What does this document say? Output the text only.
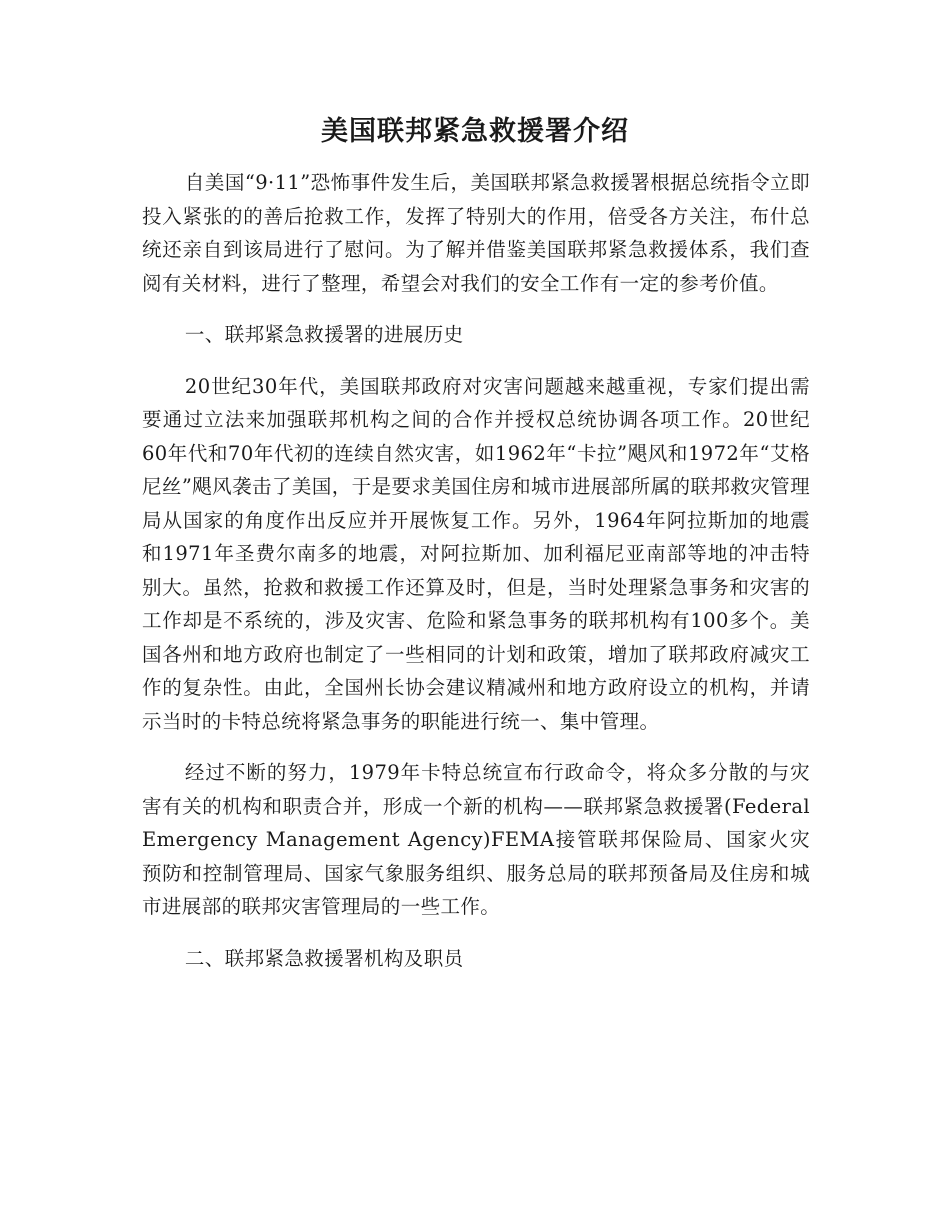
美国联邦紧急救援署介绍

自美国“9·11”恐怖事件发生后，美国联邦紧急救援署根据总统指令立即投入紧张的的善后抢救工作，发挥了特别大的作用，倍受各方关注，布什总统还亲自到该局进行了慰问。为了解并借鉴美国联邦紧急救援体系，我们查阅有关材料，进行了整理，希望会对我们的安全工作有一定的参考价值。

一、联邦紧急救援署的进展历史

20世纪30年代，美国联邦政府对灾害问题越来越重视，专家们提出需要通过立法来加强联邦机构之间的合作并授权总统协调各项工作。20世纪60年代和70年代初的连续自然灾害，如1962年“卡拉”飓风和1972年“艾格尼丝”飓风袭击了美国，于是要求美国住房和城市进展部所属的联邦救灾管理局从国家的角度作出反应并开展恢复工作。另外，1964年阿拉斯加的地震和1971年圣费尔南多的地震，对阿拉斯加、加利福尼亚南部等地的冲击特别大。虽然，抢救和救援工作还算及时，但是，当时处理紧急事务和灾害的工作却是不系统的，涉及灾害、危险和紧急事务的联邦机构有100多个。美国各州和地方政府也制定了一些相同的计划和政策，增加了联邦政府减灾工作的复杂性。由此，全国州长协会建议精减州和地方政府设立的机构，并请示当时的卡特总统将紧急事务的职能进行统一、集中管理。

经过不断的努力，1979年卡特总统宣布行政命令，将众多分散的与灾害有关的机构和职责合并，形成一个新的机构——联邦紧急救援署(Federal Emergency Management Agency)FEMA接管联邦保险局、国家火灾预防和控制管理局、国家气象服务组织、服务总局的联邦预备局及住房和城市进展部的联邦灾害管理局的一些工作。

二、联邦紧急救援署机构及职员
